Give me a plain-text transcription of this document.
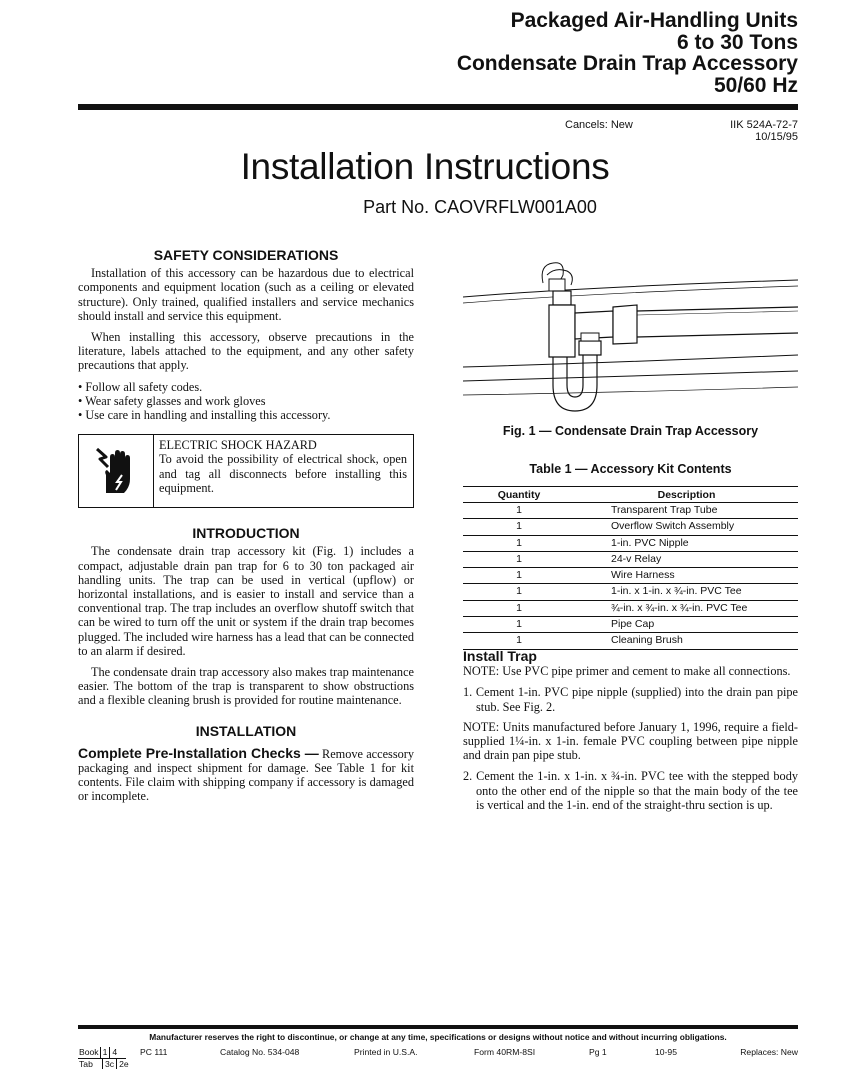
Packaged Air-Handling Units
6 to 30 Tons
Condensate Drain Trap Accessory
50/60 Hz
Cancels: New	IIK 524A-72-7
10/15/95
Installation Instructions
Part No. CAOVRFLW001A00
SAFETY CONSIDERATIONS

Installation of this accessory can be hazardous due to electrical components and equipment location (such as a ceiling or elevated structure). Only trained, qualified installers and service mechanics should install and service this equipment.

When installing this accessory, observe precautions in the literature, labels attached to the equipment, and any other safety precautions that apply.

• Follow all safety codes.
• Wear safety glasses and work gloves
• Use care in handling and installing this accessory.
ELECTRIC SHOCK HAZARD
To avoid the possibility of electrical shock, open and tag all disconnects before installing this equipment.
INTRODUCTION

The condensate drain trap accessory kit (Fig. 1) includes a compact, adjustable drain pan trap for 6 to 30 ton packaged air handling units. The trap can be used in vertical (upflow) or horizontal installations, and is easier to install and service than a conventional trap. The trap includes an overflow shutoff switch that can be wired to turn off the unit or system if the drain trap becomes plugged. The included wire harness has a lead that can be connected to an alarm if desired.

The condensate drain trap accessory also makes trap maintenance easier. The bottom of the trap is transparent to show obstructions and a flexible cleaning brush is provided for routine maintenance.

INSTALLATION

Complete Pre-Installation Checks — Remove accessory packaging and inspect shipment for damage. See Table 1 for kit contents. File claim with shipping company if accessory is damaged or incomplete.

Fig. 1 — Condensate Drain Trap Accessory
Table 1 — Accessory Kit Contents
Quantity	Description
1	Transparent Trap Tube
1	Overflow Switch Assembly
1	1-in. PVC Nipple
1	24-v Relay
1	Wire Harness
1	1-in. x 1-in. x ¾-in. PVC Tee
1	¾-in. x ¾-in. x ¾-in. PVC Tee
1	Pipe Cap
1	Cleaning Brush
Install Trap

NOTE: Use PVC pipe primer and cement to make all connections.

1. Cement 1-in. PVC pipe nipple (supplied) into the drain pan pipe stub. See Fig. 2.

NOTE: Units manufactured before January 1, 1996, require a field-supplied 1¼-in. x 1-in. female PVC coupling between pipe nipple and drain pan pipe stub.

2. Cement the 1-in. x 1-in. x ¾-in. PVC tee with the stepped body onto the other end of the nipple so that the main body of the tee is vertical and the 1-in. end of the straight-thru section is up.
Manufacturer reserves the right to discontinue, or change at any time, specifications or designs without notice and without incurring obligations.
Book 1 4
Tab	3c 2e
PC 111	Catalog No. 534-048	Printed in U.S.A.	Form 40RM-8SI	Pg 1	10-95	Replaces: New
